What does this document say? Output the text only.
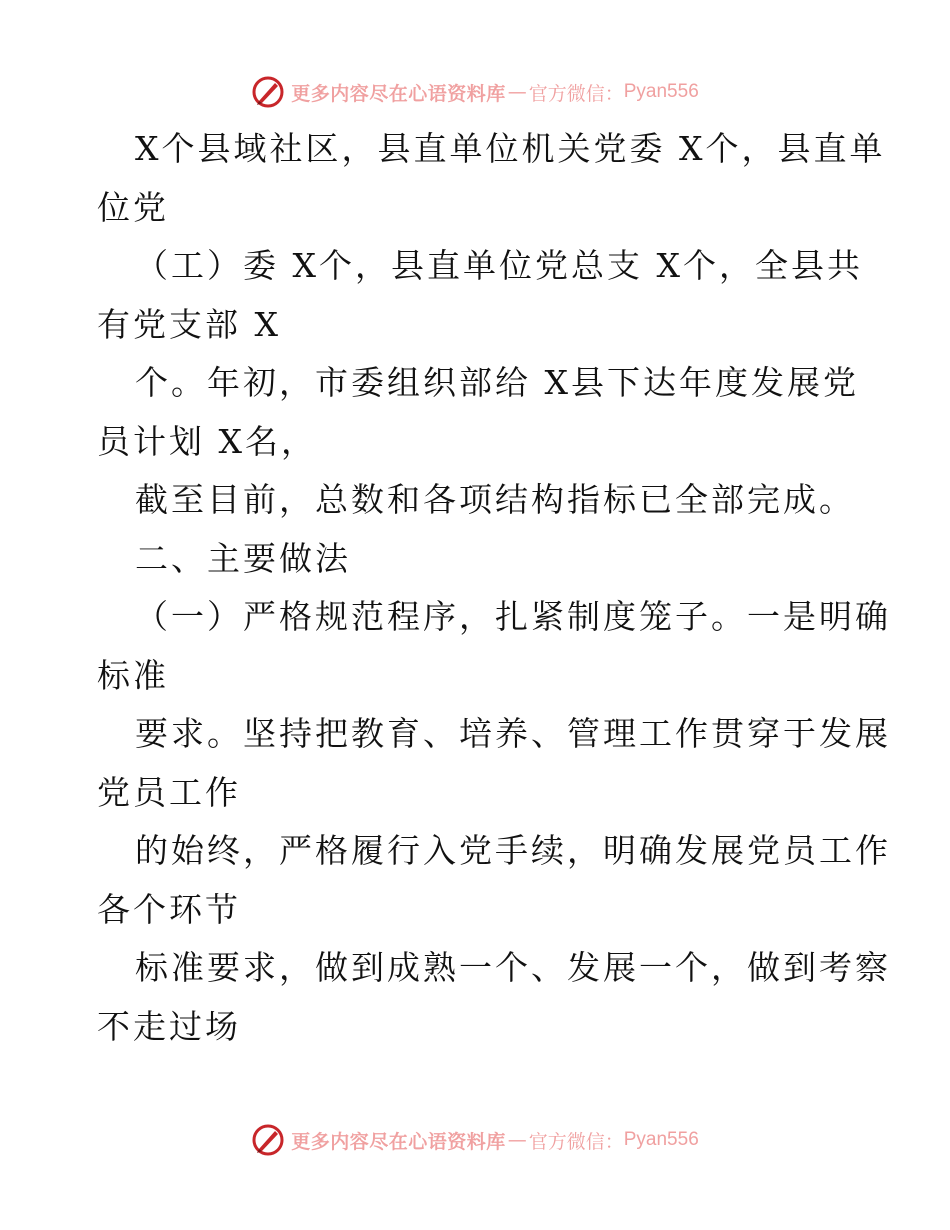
更多内容尽在心语资料库 — 官方微信： Pyan556
X个县域社区，县直单位机关党委 X个，县直单
位党
（工）委 X个，县直单位党总支 X个，全县共
有党支部 X
个。年初，市委组织部给 X县下达年度发展党
员计划 X名，
截至目前，总数和各项结构指标已全部完成。
二、主要做法
（一）严格规范程序，扎紧制度笼子。一是明确
标准
要求。坚持把教育、培养、管理工作贯穿于发展
党员工作
的始终，严格履行入党手续，明确发展党员工作
各个环节
标准要求，做到成熟一个、发展一个，做到考察
不走过场
更多内容尽在心语资料库 — 官方微信： Pyan556
